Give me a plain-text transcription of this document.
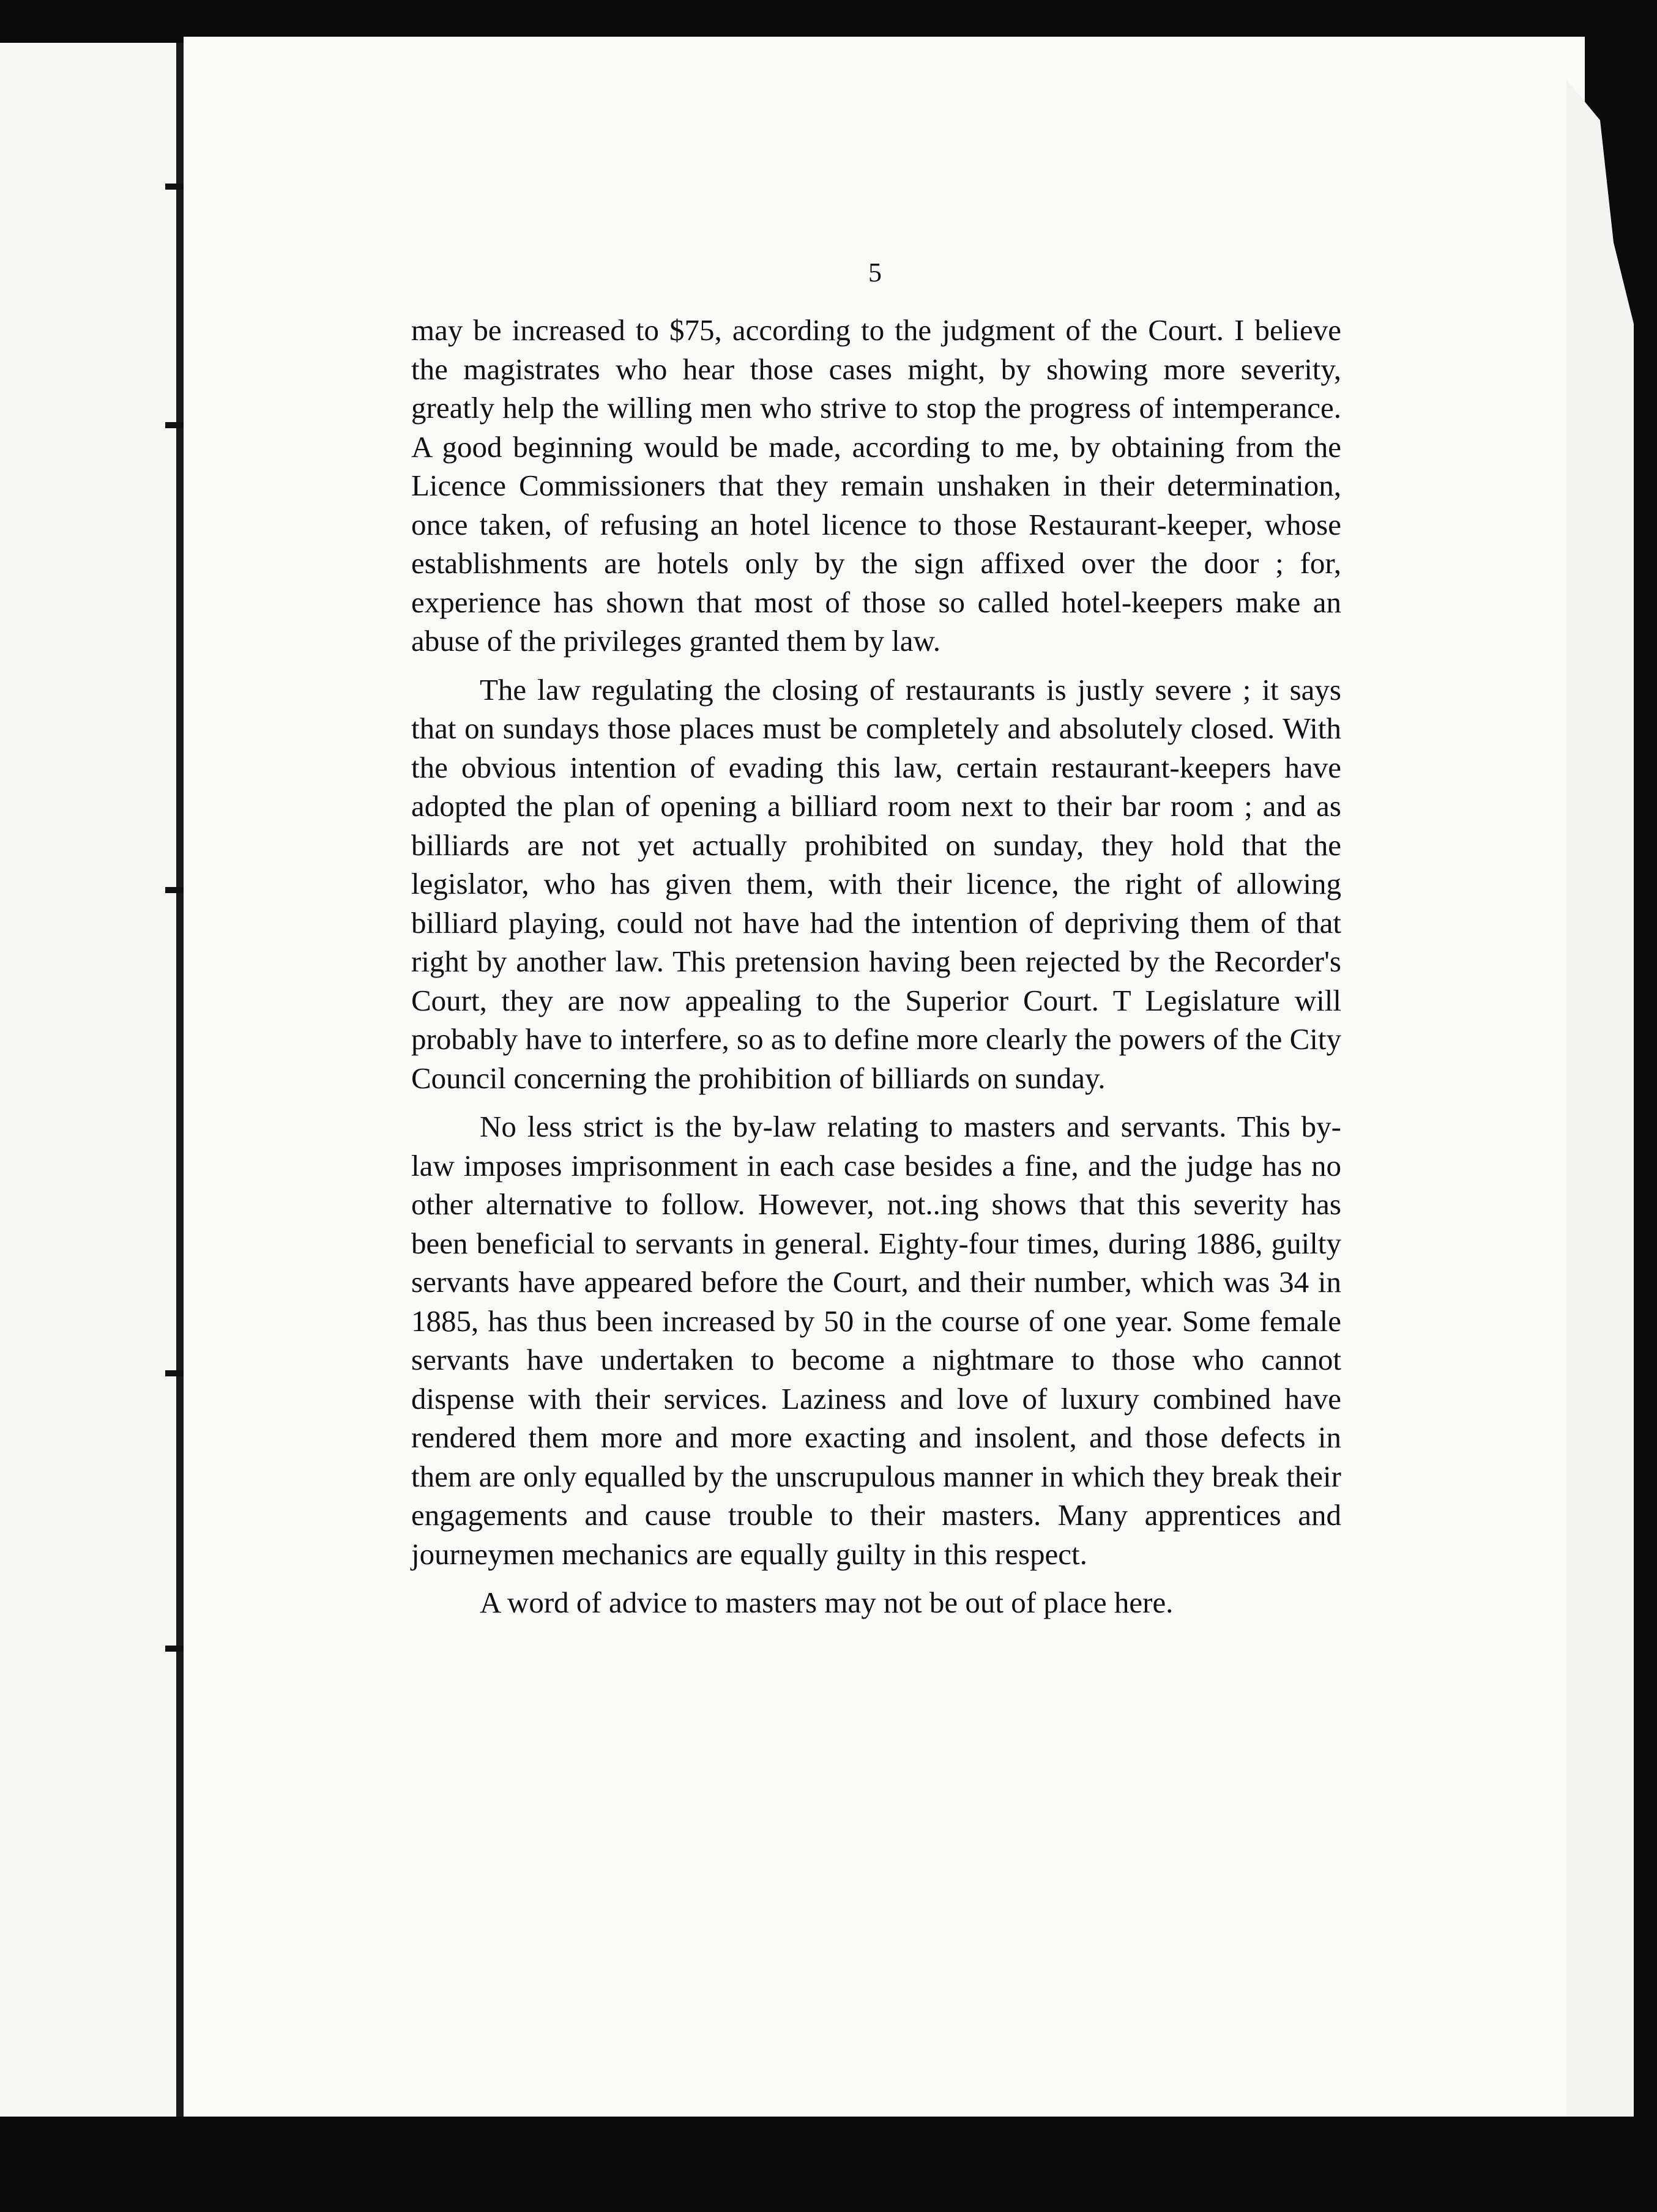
5

may be increased to $75, according to the judgment of the Court. I believe the magistrates who hear those cases might, by showing more severity, greatly help the willing men who strive to stop the progress of intemperance. A good beginning would be made, according to me, by obtaining from the Licence Commissioners that they remain unshaken in their determination, once taken, of refusing an hotel licence to those Restaurant-keeper, whose establishments are hotels only by the sign affixed over the door ; for, experience has shown that most of those so called hotel-keepers make an abuse of the privileges granted them by law.

The law regulating the closing of restaurants is justly severe ; it says that on sundays those places must be completely and absolutely closed. With the obvious intention of evading this law, certain restaurant-keepers have adopted the plan of opening a billiard room next to their bar room ; and as billiards are not yet actually prohibited on sunday, they hold that the legislator, who has given them, with their licence, the right of allowing billiard playing, could not have had the intention of depriving them of that right by another law. This pretension having been rejected by the Recorder's Court, they are now appealing to the Superior Court. T Legislature will probably have to interfere, so as to define more clearly the powers of the City Council concerning the prohibition of billiards on sunday.

No less strict is the by-law relating to masters and servants. This by-law imposes imprisonment in each case besides a fine, and the judge has no other alternative to follow. However, not..ing shows that this severity has been beneficial to servants in general. Eighty-four times, during 1886, guilty servants have appeared before the Court, and their number, which was 34 in 1885, has thus been increased by 50 in the course of one year. Some female servants have undertaken to become a nightmare to those who cannot dispense with their services. Laziness and love of luxury combined have rendered them more and more exacting and insolent, and those defects in them are only equalled by the unscrupulous manner in which they break their engagements and cause trouble to their masters. Many apprentices and journeymen mechanics are equally guilty in this respect.

A word of advice to masters may not be out of place here.
